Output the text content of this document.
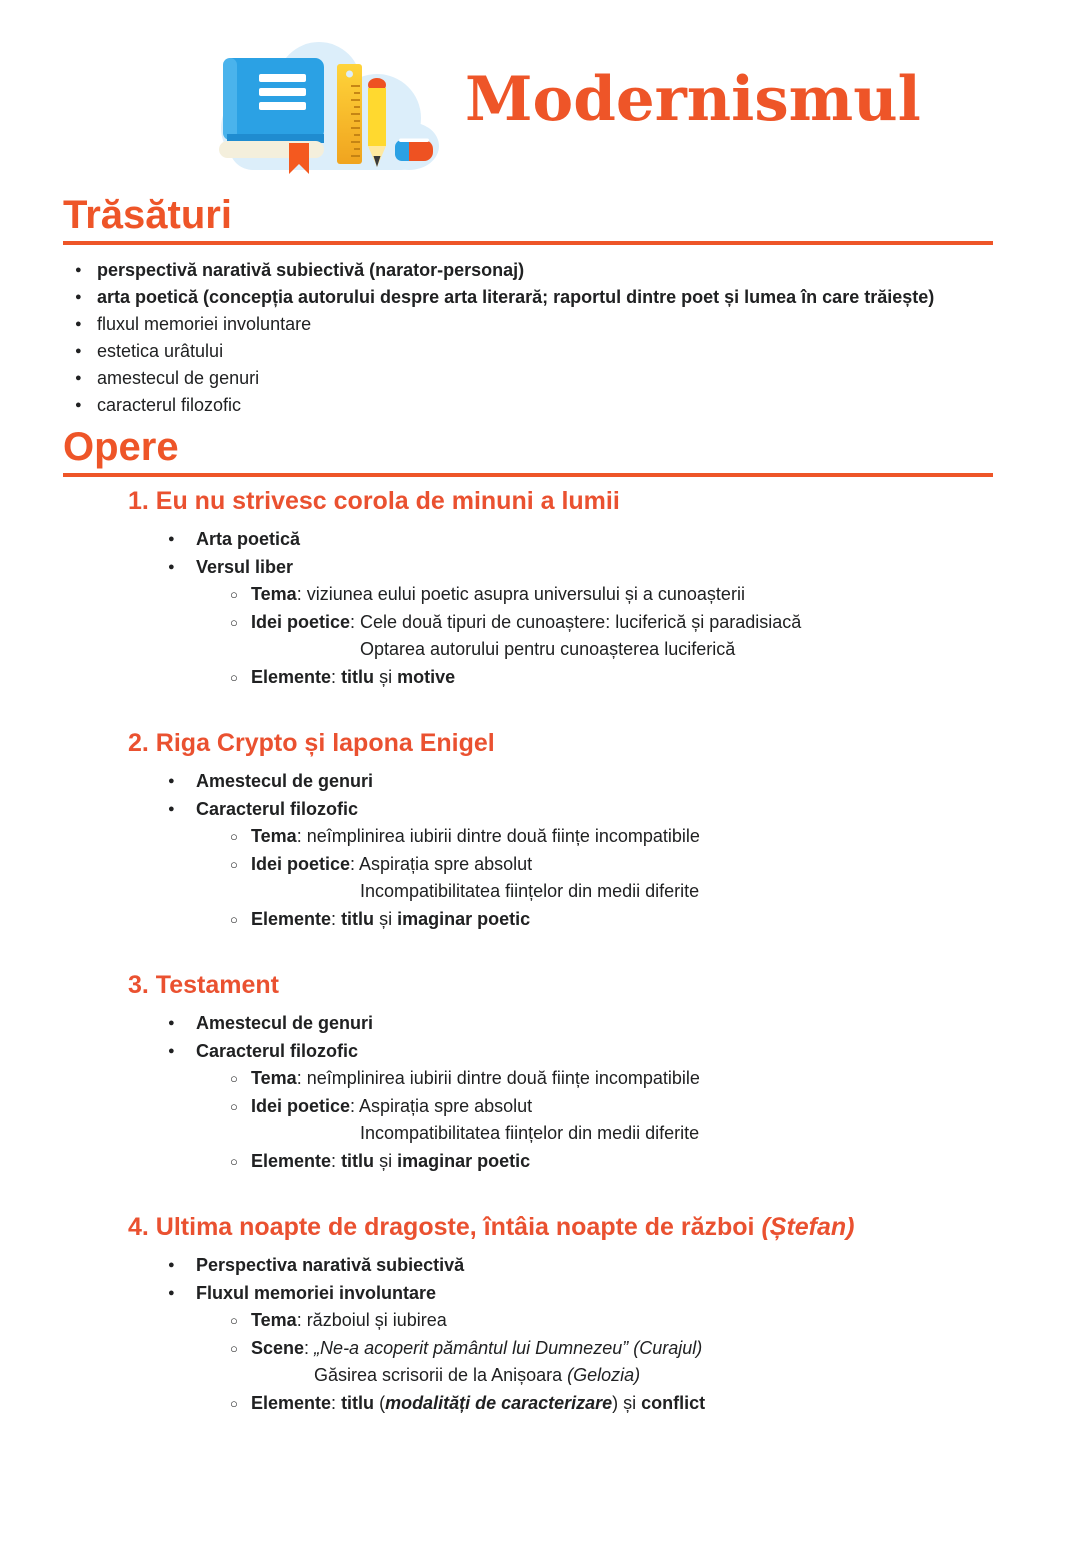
Modernismul
Trăsături
● perspectivă narativă subiectivă (narator-personaj)
● arta poetică (concepția autorului despre arta literară; raportul dintre poet și lumea în care trăiește)
● fluxul memoriei involuntare
● estetica urâtului
● amestecul de genuri
● caracterul filozofic
Opere
1. Eu nu strivesc corola de minuni a lumii
●	Arta poetică
●	Versul liber
○ Tema: viziunea eului poetic asupra universului și a cunoașterii
○ Idei poetice: Cele două tipuri de cunoaștere: luciferică și paradisiacă
Optarea autorului pentru cunoașterea luciferică
○ Elemente: titlu și motive
2. Riga Crypto și lapona Enigel
●	Amestecul de genuri
●	Caracterul filozofic
○ Tema: neîmplinirea iubirii dintre două ființe incompatibile
○ Idei poetice: Aspirația spre absolut
Incompatibilitatea ființelor din medii diferite
○ Elemente: titlu și imaginar poetic
3. Testament
●	Amestecul de genuri
●	Caracterul filozofic
○ Tema: neîmplinirea iubirii dintre două ființe incompatibile
○ Idei poetice: Aspirația spre absolut
Incompatibilitatea ființelor din medii diferite
○ Elemente: titlu și imaginar poetic
4. Ultima noapte de dragoste, întâia noapte de război (Ștefan)
●	Perspectiva narativă subiectivă
●	Fluxul memoriei involuntare
○ Tema: războiul și iubirea
○ Scene: „Ne-a acoperit pământul lui Dumnezeu” (Curajul)
Găsirea scrisorii de la Anișoara (Gelozia)
○ Elemente: titlu (modalități de caracterizare) și conflict
